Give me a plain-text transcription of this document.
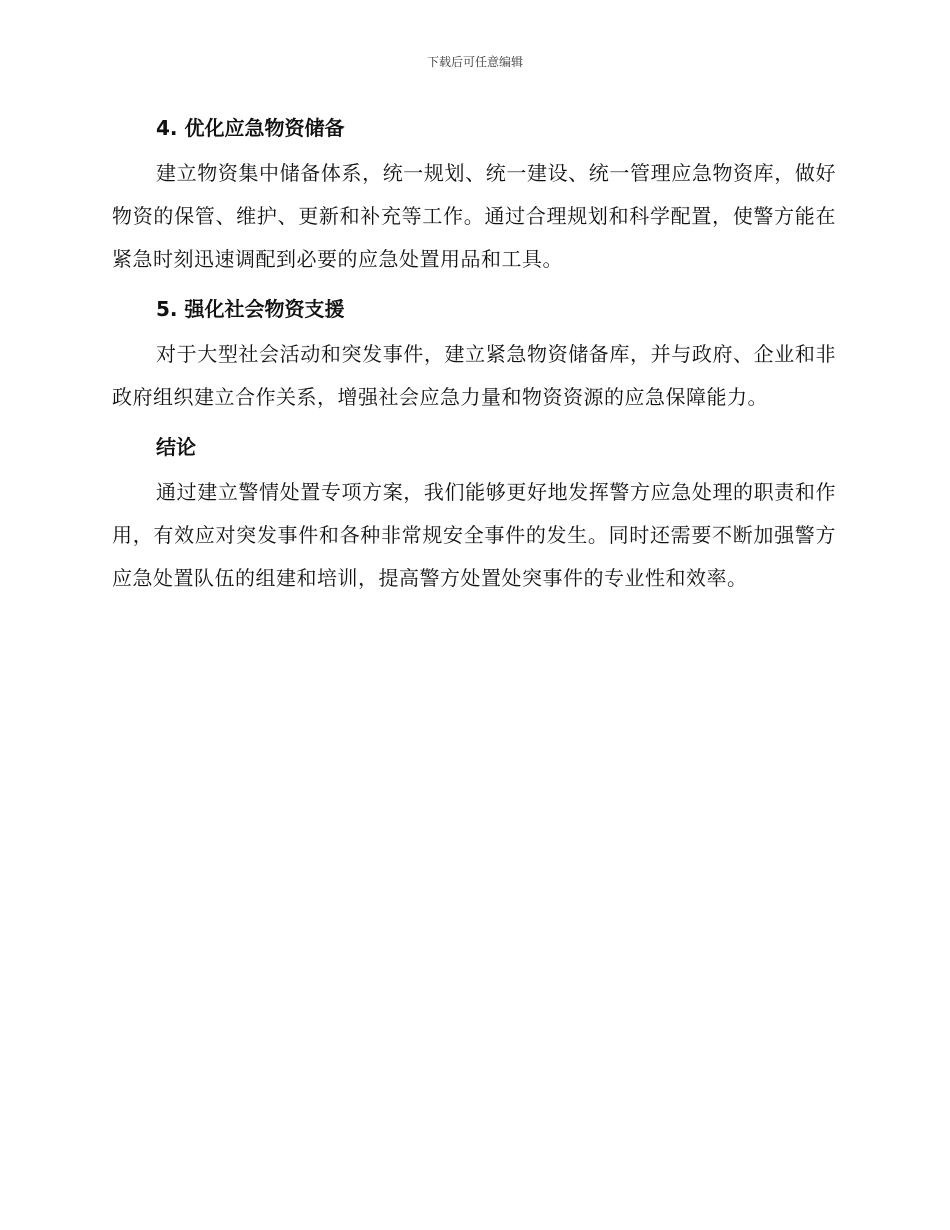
下载后可任意编辑
4. 优化应急物资储备

建立物资集中储备体系，统一规划、统一建设、统一管理应急物资库，做好物资的保管、维护、更新和补充等工作。通过合理规划和科学配置，使警方能在紧急时刻迅速调配到必要的应急处置用品和工具。

5. 强化社会物资支援

对于大型社会活动和突发事件，建立紧急物资储备库，并与政府、企业和非政府组织建立合作关系，增强社会应急力量和物资资源的应急保障能力。

结论

通过建立警情处置专项方案，我们能够更好地发挥警方应急处理的职责和作用，有效应对突发事件和各种非常规安全事件的发生。同时还需要不断加强警方应急处置队伍的组建和培训，提高警方处置处突事件的专业性和效率。
